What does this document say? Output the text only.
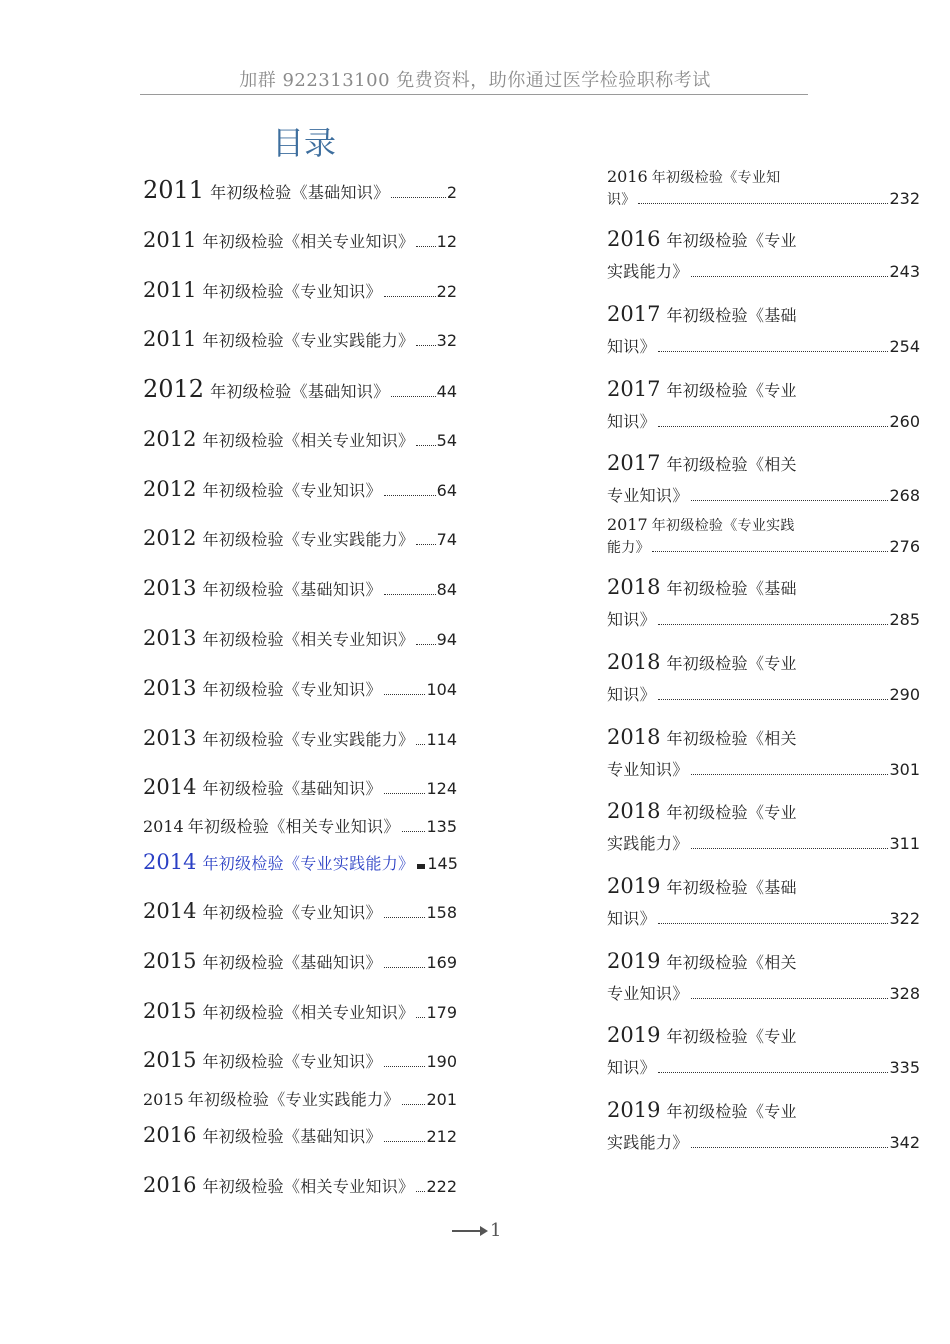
加群 922313100 免费资料，助你通过医学检验职称考试
目录
2011 年初级检验《基础知识》	2
2011 年初级检验《相关专业知识》 12
2011 年初级检验《专业知识》	22
2011 年初级检验《专业实践能力》 32
2012 年初级检验《基础知识》	44
2012 年初级检验《相关专业知识》 54
2012 年初级检验《专业知识》	64
2012 年初级检验《专业实践能力》 74
2013 年初级检验《基础知识》	84
2013 年初级检验《相关专业知识》 94
2013 年初级检验《专业知识》	104
2013 年初级检验《专业实践能力》 114
2014 年初级检验《基础知识》	124
2014 年初级检验《相关专业知识》 135
2014 年初级检验《专业实践能力》 145
2014 年初级检验《专业知识》	158
2015 年初级检验《基础知识》	169
2015 年初级检验《相关专业知识》 179
2015 年初级检验《专业知识》	190
2015 年初级检验《专业实践能力》 201
2016 年初级检验《基础知识》	212
2016 年初级检验《相关专业知识》 222
2016 年初级检验《专业知
识》	232
2016 年初级检验《专业
实践能力》	243
2017 年初级检验《基础
知识》	254
2017 年初级检验《专业
知识》	260
2017 年初级检验《相关
专业知识》	268
2017 年初级检验《专业实践
能力》	276
2018 年初级检验《基础
知识》	285
2018 年初级检验《专业
知识》	290
2018 年初级检验《相关
专业知识》	301
2018 年初级检验《专业
实践能力》	311
2019 年初级检验《基础
知识》	322
2019 年初级检验《相关
专业知识》	328
2019 年初级检验《专业
知识》	335
2019 年初级检验《专业
实践能力》	342
1
